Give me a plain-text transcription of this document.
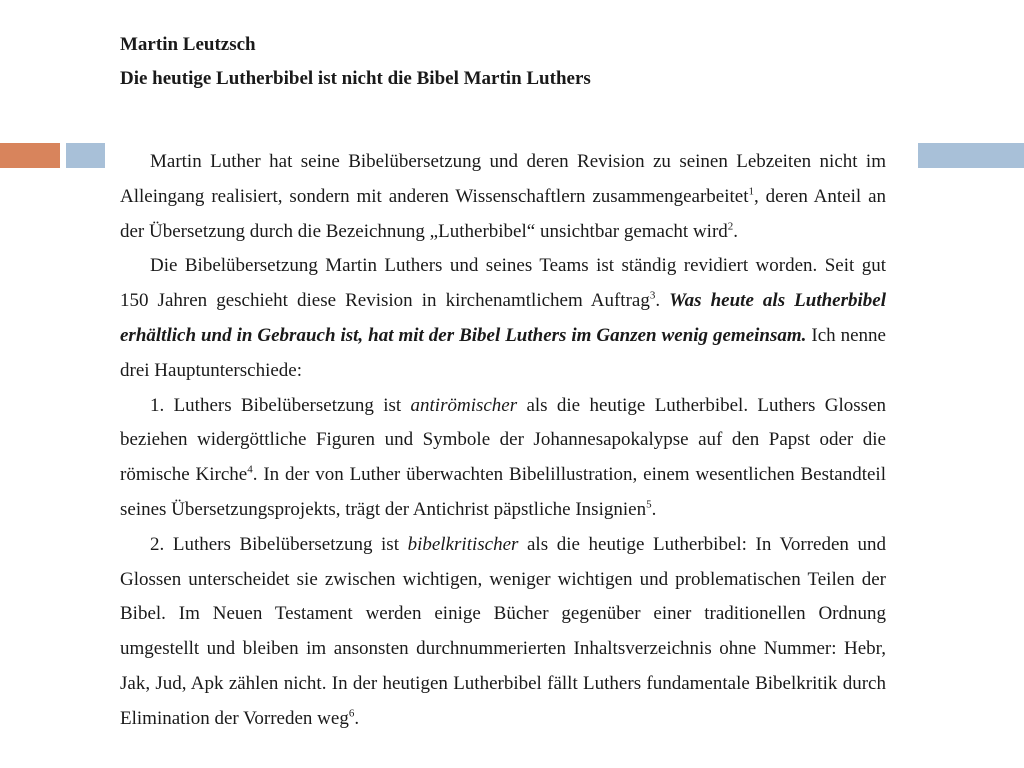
Martin Leutzsch

Die heutige Lutherbibel ist nicht die Bibel Martin Luthers

Martin Luther hat seine Bibelübersetzung und deren Revision zu seinen Lebzeiten nicht im Alleingang realisiert, sondern mit anderen Wissenschaftlern zusammengearbeitet$^1$, deren Anteil an der Übersetzung durch die Bezeichnung „Lutherbibel“ unsichtbar gemacht wird$^2$.

Die Bibelübersetzung Martin Luthers und seines Teams ist ständig revidiert worden. Seit gut 150 Jahren geschieht diese Revision in kirchenamtlichem Auftrag$^3$. Was heute als Lutherbibel erhältlich und in Gebrauch ist, hat mit der Bibel Luthers im Ganzen wenig gemeinsam. Ich nenne drei Hauptunterschiede:

1. Luthers Bibelübersetzung ist antirömischer als die heutige Lutherbibel. Luthers Glossen beziehen widergöttliche Figuren und Symbole der Johannesapokalypse auf den Papst oder die römische Kirche$^4$. In der von Luther überwachten Bibelillustration, einem wesentlichen Bestandteil seines Übersetzungsprojekts, trägt der Antichrist päpstliche Insignien$^5$.

2. Luthers Bibelübersetzung ist bibelkritischer als die heutige Lutherbibel: In Vorreden und Glossen unterscheidet sie zwischen wichtigen, weniger wichtigen und problematischen Teilen der Bibel. Im Neuen Testament werden einige Bücher gegenüber einer traditionellen Ordnung umgestellt und bleiben im ansonsten durchnummerierten Inhaltsverzeichnis ohne Nummer: Hebr, Jak, Jud, Apk zählen nicht. In der heutigen Lutherbibel fällt Luthers fundamentale Bibelkritik durch Elimination der Vorreden weg$^6$.
